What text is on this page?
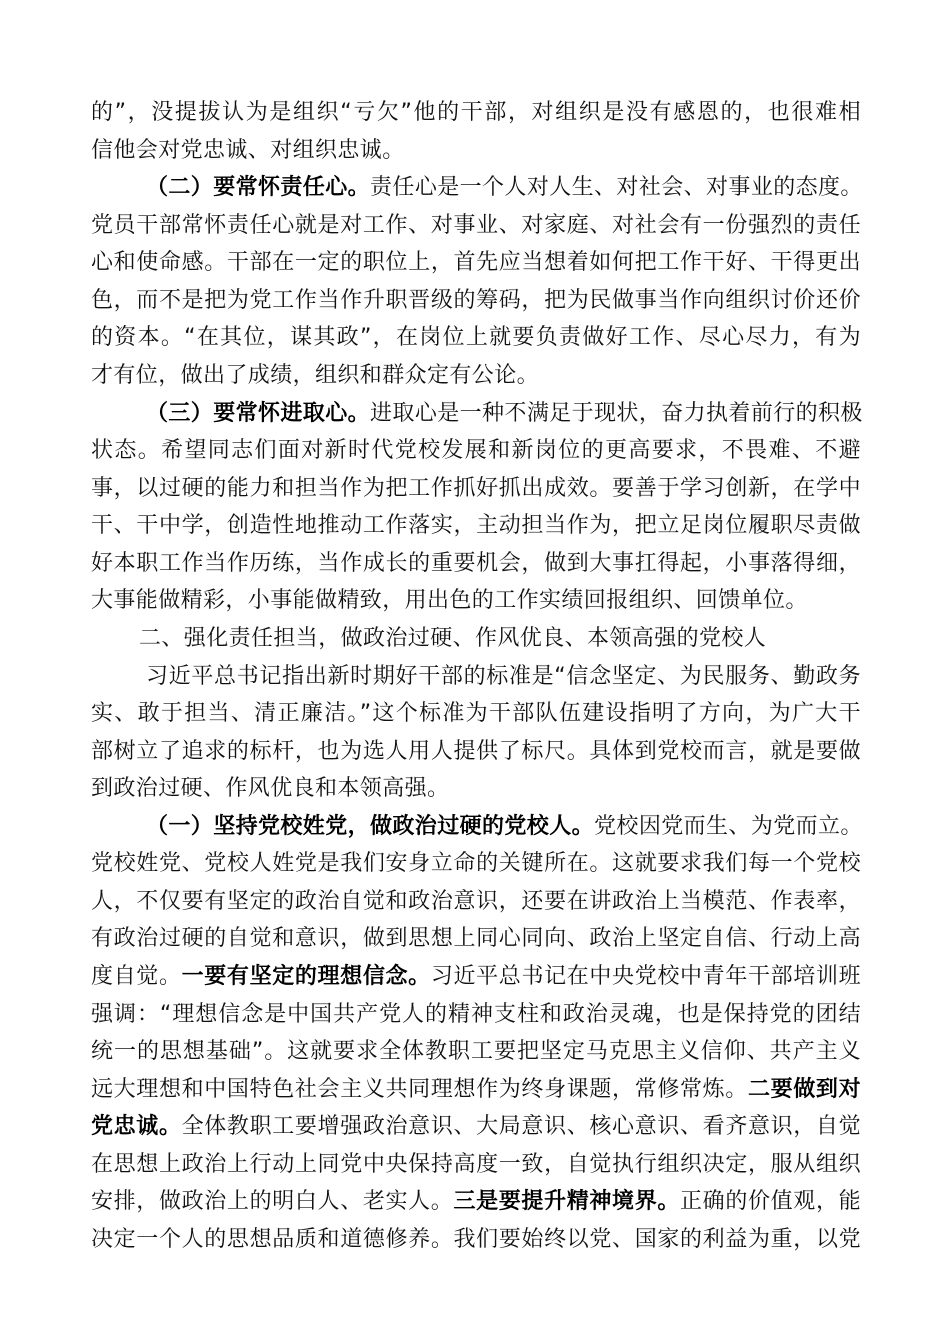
的”，没提拔认为是组织“亏欠”他的干部，对组织是没有感恩的，也很难相
信他会对党忠诚、对组织忠诚。
（二）要常怀责任心。责任心是一个人对人生、对社会、对事业的态度。
党员干部常怀责任心就是对工作、对事业、对家庭、对社会有一份强烈的责任
心和使命感。干部在一定的职位上，首先应当想着如何把工作干好、干得更出
色，而不是把为党工作当作升职晋级的筹码，把为民做事当作向组织讨价还价
的资本。“在其位，谋其政”，在岗位上就要负责做好工作、尽心尽力，有为
才有位，做出了成绩，组织和群众定有公论。
（三）要常怀进取心。进取心是一种不满足于现状，奋力执着前行的积极
状态。希望同志们面对新时代党校发展和新岗位的更高要求，不畏难、不避
事，以过硬的能力和担当作为把工作抓好抓出成效。要善于学习创新，在学中
干、干中学，创造性地推动工作落实，主动担当作为，把立足岗位履职尽责做
好本职工作当作历练，当作成长的重要机会，做到大事扛得起，小事落得细，
大事能做精彩，小事能做精致，用出色的工作实绩回报组织、回馈单位。
二、强化责任担当，做政治过硬、作风优良、本领高强的党校人
习近平总书记指出新时期好干部的标准是“信念坚定、为民服务、勤政务
实、敢于担当、清正廉洁。”这个标准为干部队伍建设指明了方向，为广大干
部树立了追求的标杆，也为选人用人提供了标尺。具体到党校而言，就是要做
到政治过硬、作风优良和本领高强。
（一）坚持党校姓党，做政治过硬的党校人。党校因党而生、为党而立。
党校姓党、党校人姓党是我们安身立命的关键所在。这就要求我们每一个党校
人，不仅要有坚定的政治自觉和政治意识，还要在讲政治上当模范、作表率，
有政治过硬的自觉和意识，做到思想上同心同向、政治上坚定自信、行动上高
度自觉。一要有坚定的理想信念。习近平总书记在中央党校中青年干部培训班
强调：“理想信念是中国共产党人的精神支柱和政治灵魂，也是保持党的团结
统一的思想基础”。这就要求全体教职工要把坚定马克思主义信仰、共产主义
远大理想和中国特色社会主义共同理想作为终身课题，常修常炼。二要做到对
党忠诚。全体教职工要增强政治意识、大局意识、核心意识、看齐意识，自觉
在思想上政治上行动上同党中央保持高度一致，自觉执行组织决定，服从组织
安排，做政治上的明白人、老实人。三是要提升精神境界。正确的价值观，能
决定一个人的思想品质和道德修养。我们要始终以党、国家的利益为重，以党
